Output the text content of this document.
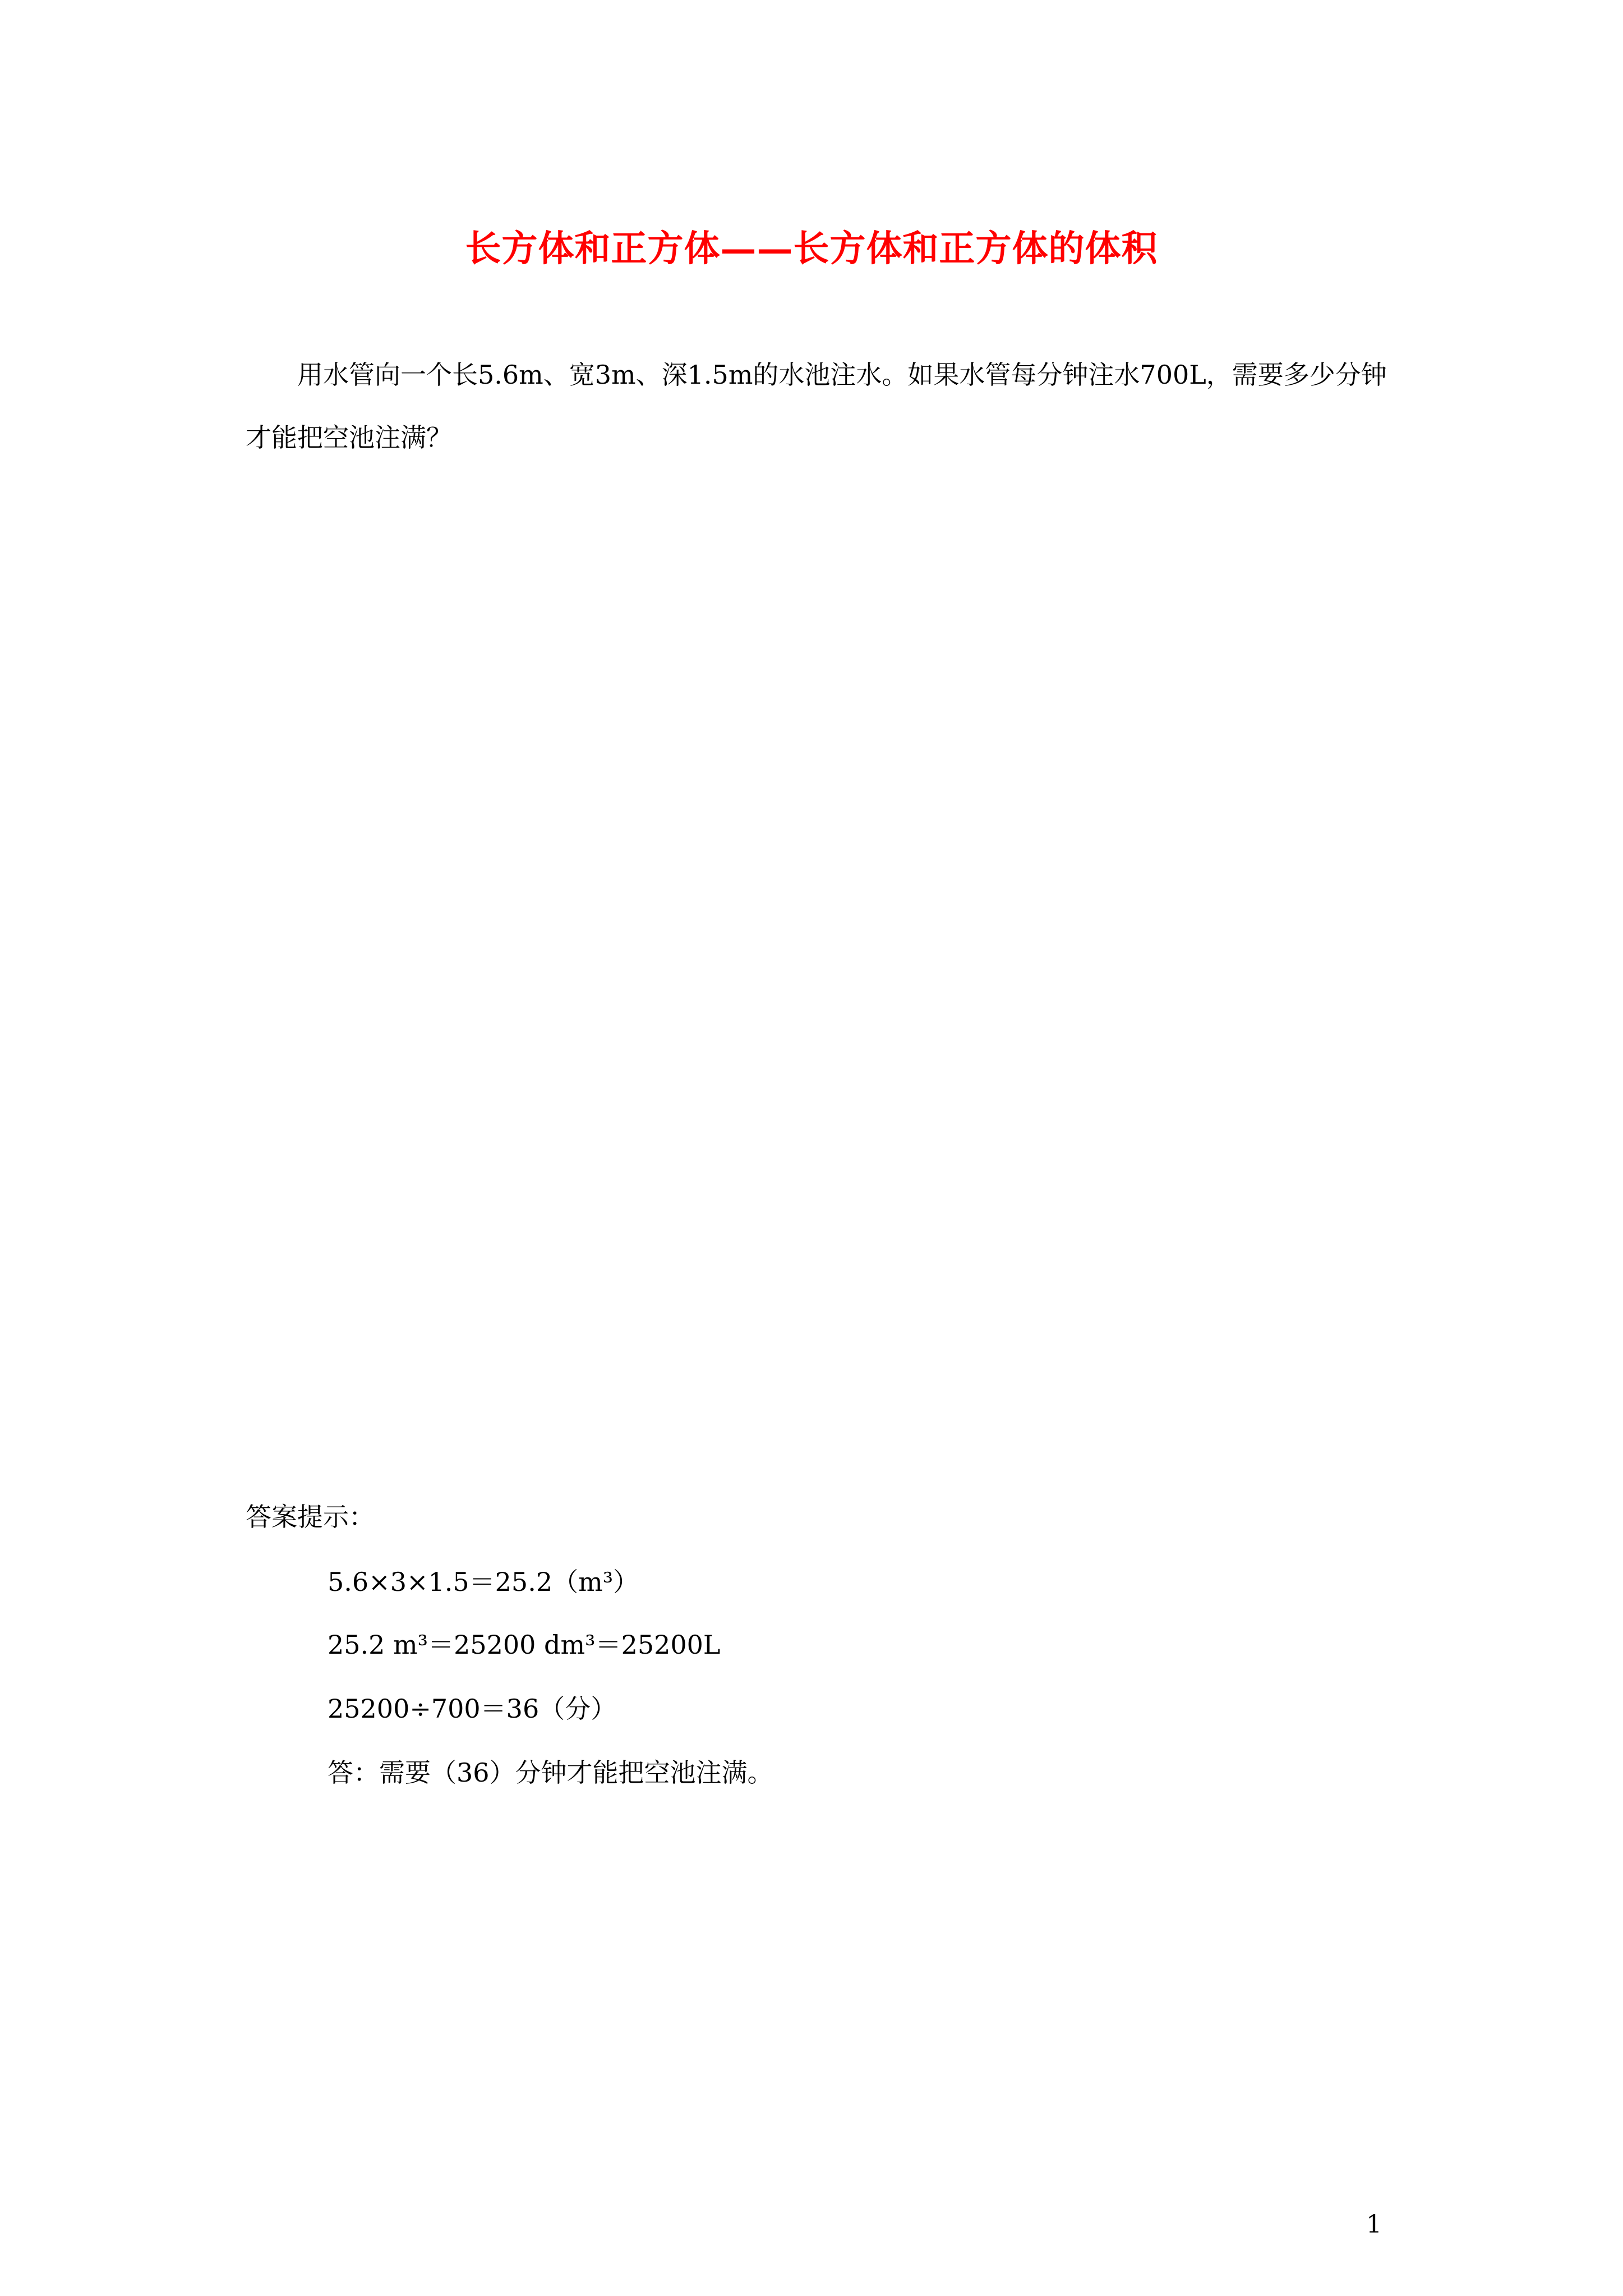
长方体和正方体——长方体和正方体的体积

用水管向一个长5.6m、宽3m、深1.5m的水池注水。如果水管每分钟注水700L，需要多少分钟才能把空池注满？

答案提示：

5.6×3×1.5＝25.2（m³）

25.2 m³＝25200 dm³＝25200L

25200÷700＝36（分）

答：需要（36）分钟才能把空池注满。

1
